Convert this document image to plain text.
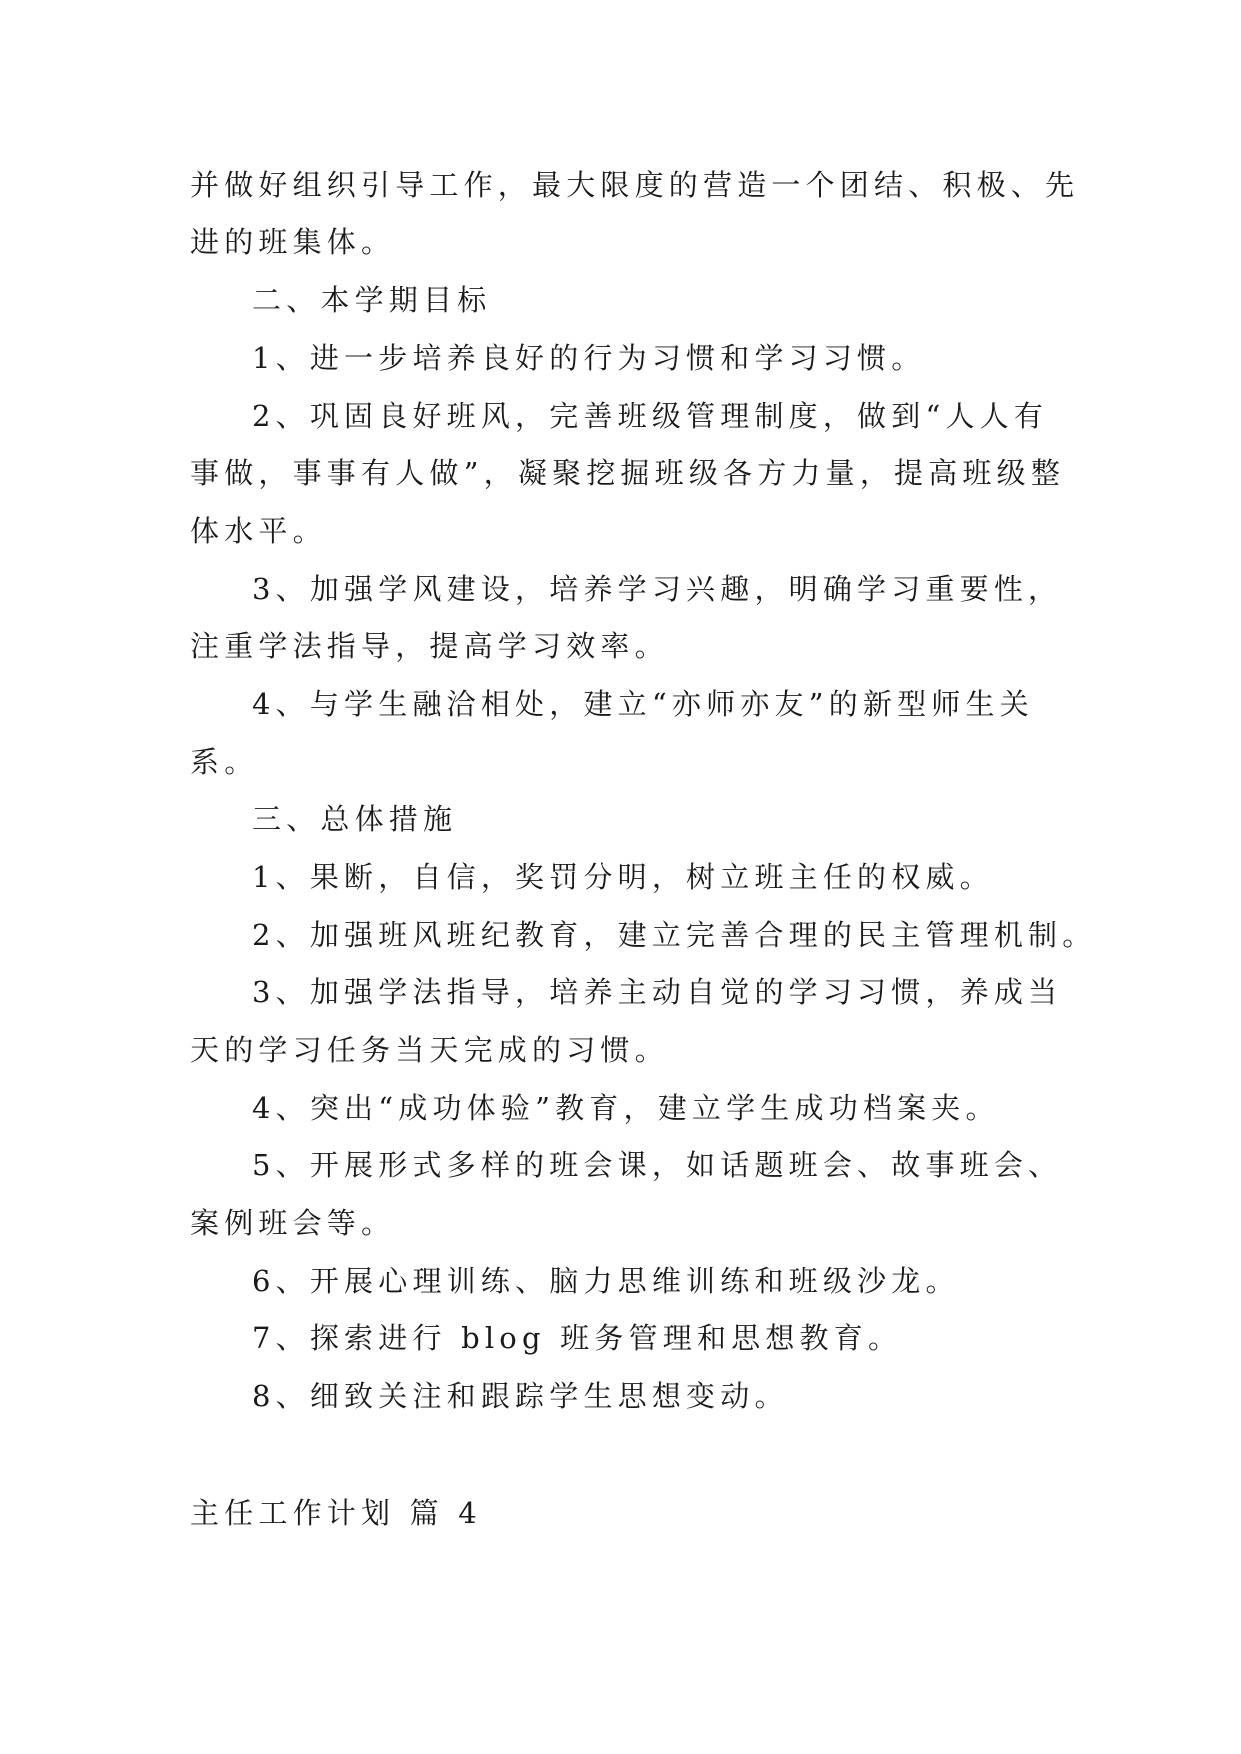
并做好组织引导工作，最大限度的营造一个团结、积极、先
进的班集体。
二、本学期目标
1、进一步培养良好的行为习惯和学习习惯。
2、巩固良好班风，完善班级管理制度，做到“人人有
事做，事事有人做”，凝聚挖掘班级各方力量，提高班级整
体水平。
3、加强学风建设，培养学习兴趣，明确学习重要性，
注重学法指导，提高学习效率。
4、与学生融洽相处，建立“亦师亦友”的新型师生关
系。
三、总体措施
1、果断，自信，奖罚分明，树立班主任的权威。
2、加强班风班纪教育，建立完善合理的民主管理机制。
3、加强学法指导，培养主动自觉的学习习惯，养成当
天的学习任务当天完成的习惯。
4、突出“成功体验”教育，建立学生成功档案夹。
5、开展形式多样的班会课，如话题班会、故事班会、
案例班会等。
6、开展心理训练、脑力思维训练和班级沙龙。
7、探索进行 blog 班务管理和思想教育。
8、细致关注和跟踪学生思想变动。
主任工作计划 篇 4
